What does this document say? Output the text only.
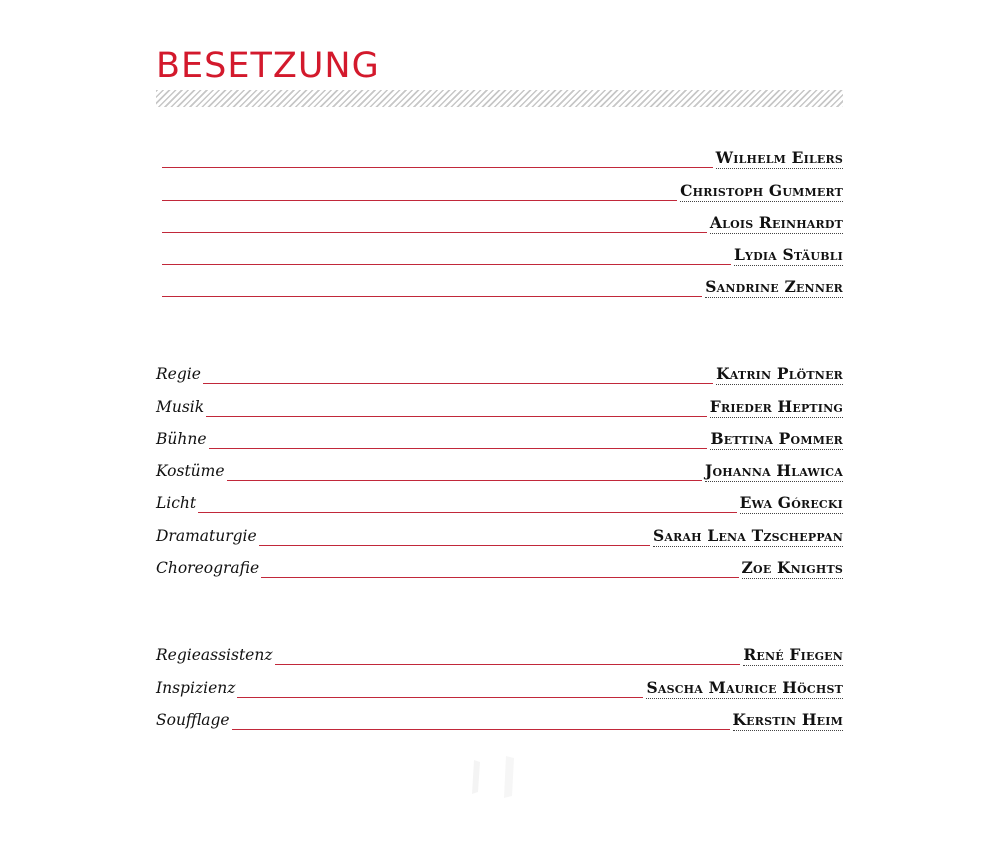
BESETZUNG
Wilhelm Eilers
Christoph Gummert
Alois Reinhardt
Lydia Stäubli
Sandrine Zenner
Regie	Katrin Plötner
Musik	Frieder Hepting
Bühne	Bettina Pommer
Kostüme	Johanna Hlawica
Licht	Ewa Górecki
Dramaturgie	Sarah Lena Tzscheppan
Choreografie	Zoe Knights
Regieassistenz	René Fiegen
Inspizienz	Sascha Maurice Höchst
Soufflage	Kerstin Heim
